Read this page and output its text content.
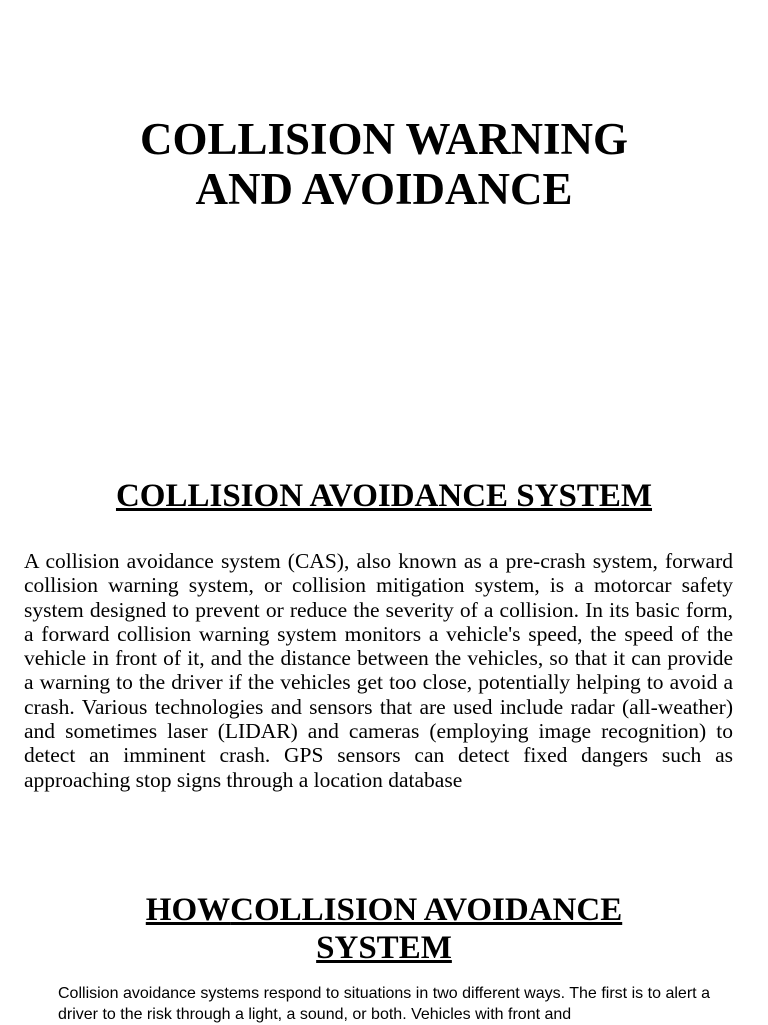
COLLISION WARNING
AND AVOIDANCE
COLLISION AVOIDANCE SYSTEM

A collision avoidance system (CAS), also known as a pre-crash system, forward collision warning system, or collision mitigation system, is a motorcar safety system designed to prevent or reduce the severity of a collision. In its basic form, a forward collision warning system monitors a vehicle's speed, the speed of the vehicle in front of it, and the distance between the vehicles, so that it can provide a warning to the driver if the vehicles get too close, potentially helping to avoid a crash. Various technologies and sensors that are used include radar (all-weather) and sometimes laser (LIDAR) and cameras (employing image recognition) to detect an imminent crash. GPS sensors can detect fixed dangers such as approaching stop signs through a location database

HOWCOLLISION AVOIDANCE
SYSTEM

Collision avoidance systems respond to situations in two different ways. The first is to alert a driver to the risk through a light, a sound, or both. Vehicles with front and
